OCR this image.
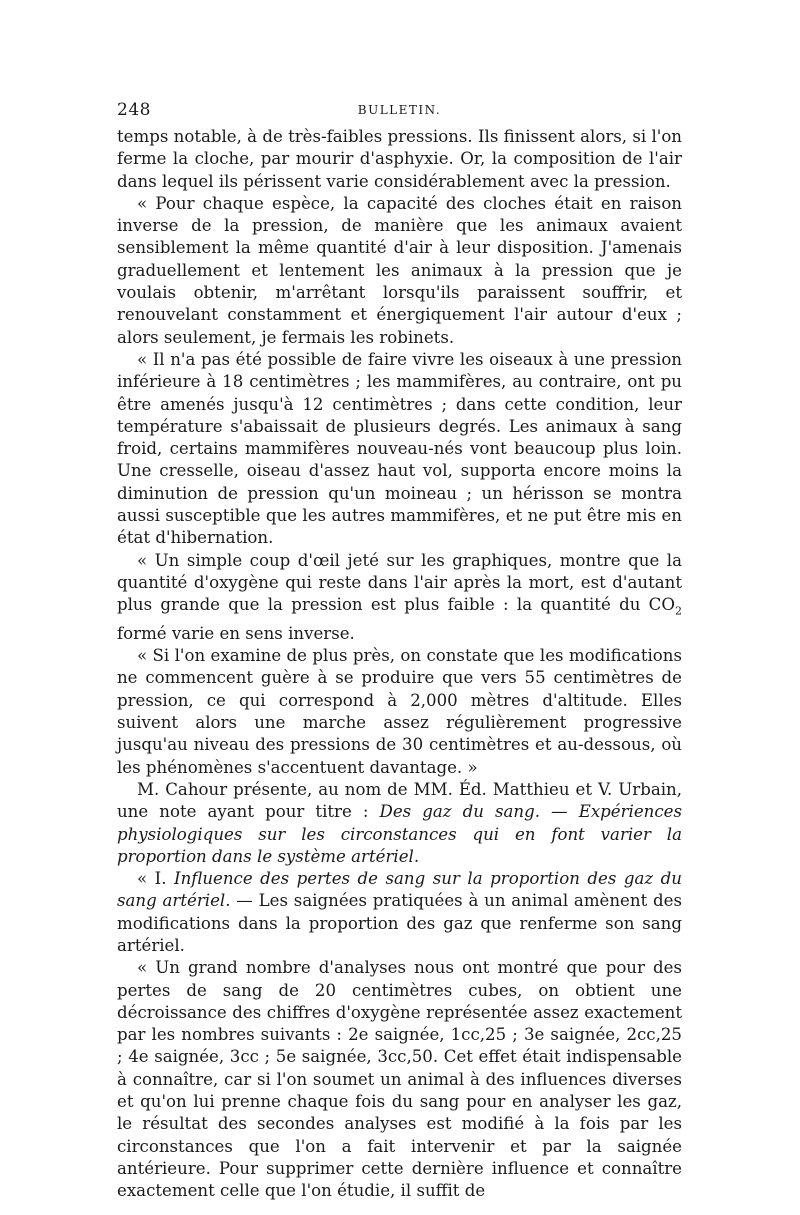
248	BULLETIN.

temps notable, à de très-faibles pressions. Ils finissent alors, si l'on ferme la cloche, par mourir d'asphyxie. Or, la composition de l'air dans lequel ils périssent varie considérablement avec la pression.

« Pour chaque espèce, la capacité des cloches était en raison inverse de la pression, de manière que les animaux avaient sensiblement la même quantité d'air à leur disposition. J'amenais graduellement et lentement les animaux à la pression que je voulais obtenir, m'arrêtant lorsqu'ils paraissent souffrir, et renouvelant constamment et énergiquement l'air autour d'eux ; alors seulement, je fermais les robinets.

« Il n'a pas été possible de faire vivre les oiseaux à une pression inférieure à 18 centimètres ; les mammifères, au contraire, ont pu être amenés jusqu'à 12 centimètres ; dans cette condition, leur température s'abaissait de plusieurs degrés. Les animaux à sang froid, certains mammifères nouveau-nés vont beaucoup plus loin. Une cresselle, oiseau d'assez haut vol, supporta encore moins la diminution de pression qu'un moineau ; un hérisson se montra aussi susceptible que les autres mammifères, et ne put être mis en état d'hibernation.

« Un simple coup d'œil jeté sur les graphiques, montre que la quantité d'oxygène qui reste dans l'air après la mort, est d'autant plus grande que la pression est plus faible : la quantité du $CO_2$ formé varie en sens inverse.

« Si l'on examine de plus près, on constate que les modifications ne commencent guère à se produire que vers 55 centimètres de pression, ce qui correspond à 2,000 mètres d'altitude. Elles suivent alors une marche assez régulièrement progressive jusqu'au niveau des pressions de 30 centimètres et au-dessous, où les phénomènes s'accentuent davantage. »

M. Cahour présente, au nom de MM. Éd. Matthieu et V. Urbain, une note ayant pour titre : Des gaz du sang. — Expériences physiologiques sur les circonstances qui en font varier la proportion dans le système artériel.

« I. Influence des pertes de sang sur la proportion des gaz du sang artériel. — Les saignées pratiquées à un animal amènent des modifications dans la proportion des gaz que renferme son sang artériel.

« Un grand nombre d'analyses nous ont montré que pour des pertes de sang de 20 centimètres cubes, on obtient une décroissance des chiffres d'oxygène représentée assez exactement par les nombres suivants : 2e saignée, 1cc,25 ; 3e saignée, 2cc,25 ; 4e saignée, 3cc ; 5e saignée, 3cc,50. Cet effet était indispensable à connaître, car si l'on soumet un animal à des influences diverses et qu'on lui prenne chaque fois du sang pour en analyser les gaz, le résultat des secondes analyses est modifié à la fois par les circonstances que l'on a fait intervenir et par la saignée antérieure. Pour supprimer cette dernière influence et connaître exactement celle que l'on étudie, il suffit de
